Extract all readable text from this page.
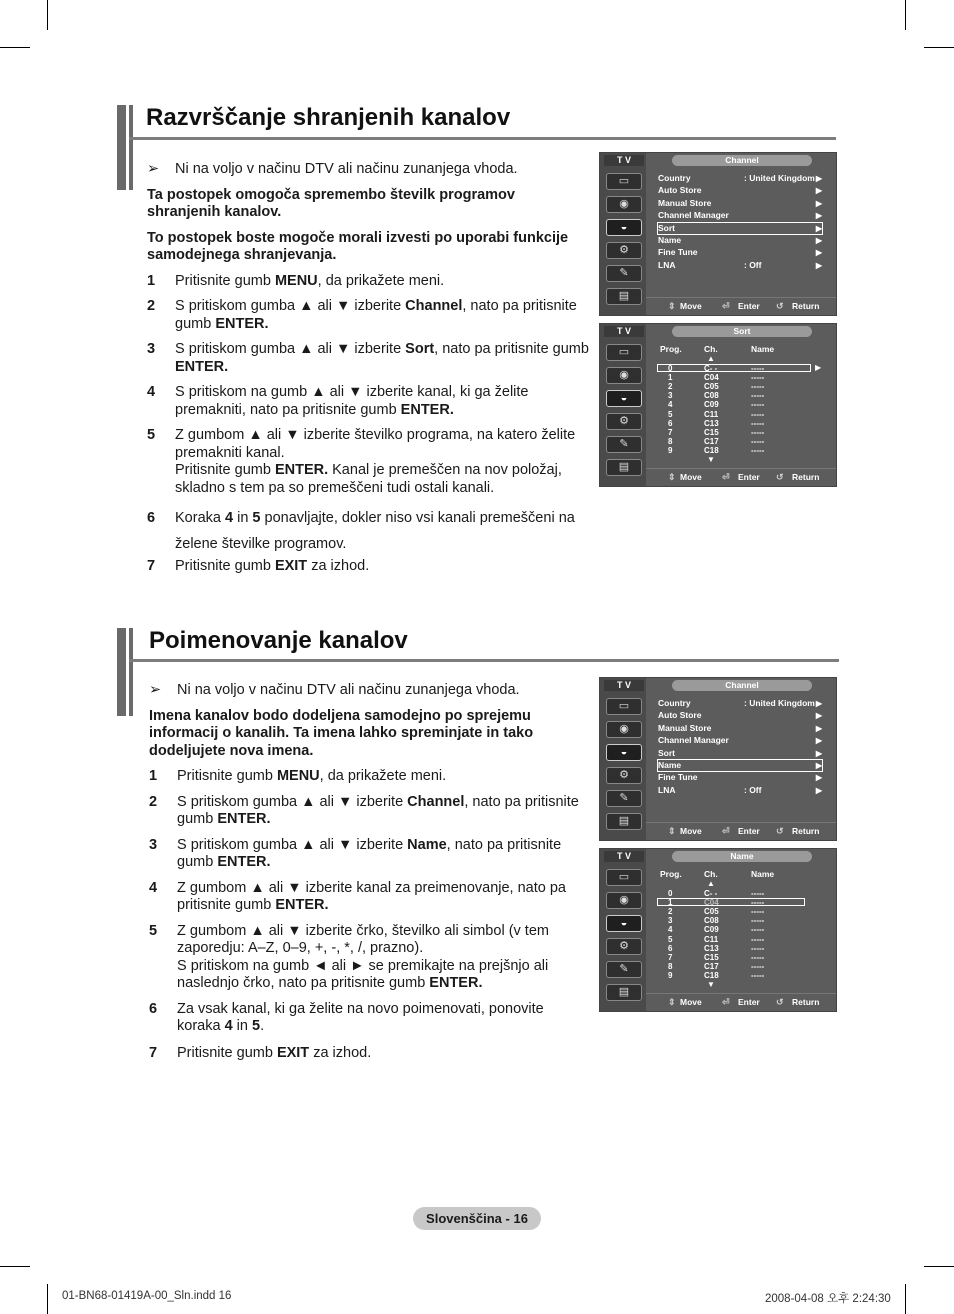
Razvrščanje shranjenih kanalov
➢ Ni na voljo v načinu DTV ali načinu zunanjega vhoda.
Ta postopek omogoča spremembo številk programov shranjenih kanalov.
To postopek boste mogoče morali izvesti po uporabi funkcije samodejnega shranjevanja.
1 Pritisnite gumb MENU, da prikažete meni.
2 S pritiskom gumba ▲ ali ▼ izberite Channel, nato pa pritisnite gumb ENTER.
3 S pritiskom gumba ▲ ali ▼ izberite Sort, nato pa pritisnite gumb ENTER.
4 S pritiskom na gumb ▲ ali ▼ izberite kanal, ki ga želite premakniti, nato pa pritisnite gumb ENTER.
5 Z gumbom ▲ ali ▼ izberite številko programa, na katero želite premakniti kanal.
Pritisnite gumb ENTER. Kanal je premeščen na nov položaj, skladno s tem pa so premeščeni tudi ostali kanali.
6 Koraka 4 in 5 ponavljajte, dokler niso vsi kanali premeščeni na želene številke programov.
7 Pritisnite gumb EXIT za izhod.
Poimenovanje kanalov
➢ Ni na voljo v načinu DTV ali načinu zunanjega vhoda.
Imena kanalov bodo dodeljena samodejno po sprejemu informacij o kanalih. Ta imena lahko spreminjate in tako dodeljujete nova imena.
1 Pritisnite gumb MENU, da prikažete meni.
2 S pritiskom gumba ▲ ali ▼ izberite Channel, nato pa pritisnite gumb ENTER.
3 S pritiskom gumba ▲ ali ▼ izberite Name, nato pa pritisnite gumb ENTER.
4 Z gumbom ▲ ali ▼ izberite kanal za preimenovanje, nato pa pritisnite gumb ENTER.
5 Z gumbom ▲ ali ▼ izberite črko, številko ali simbol (v tem zaporedju: A–Z, 0–9, +, -, *, /, prazno).
S pritiskom na gumb ◄ ali ► se premikajte na prejšnjo ali naslednjo črko, nato pa pritisnite gumb ENTER.
6 Za vsak kanal, ki ga želite na novo poimenovati, ponovite koraka 4 in 5.
7 Pritisnite gumb EXIT za izhod.
T V
▭
◉
◒
⚙
✎
▤
Channel
⇕ Move ⏎ Enter ↺ Return
Country	: United Kingdom ▶
Auto Store	▶
Manual Store	▶
Channel Manager	▶
Sort	▶
Name	▶
Fine Tune	▶
LNA	: Off	▶
T V
▭
◉
◒
⚙
✎
▤
Sort
⇕ Move ⏎ Enter ↺ Return
Prog.	Ch.	Name
▲
0	C- -	-----
1	C04	-----
2	C05	-----
3	C08	-----
4	C09	-----
5	C11	-----
6	C13	-----
7	C15	-----
8	C17	-----
9	C18	-----
▼
▶
T V
▭
◉
◒
⚙
✎
▤
Channel
⇕ Move ⏎ Enter ↺ Return
Country	: United Kingdom ▶
Auto Store	▶
Manual Store	▶
Channel Manager	▶
Sort	▶
Name	▶
Fine Tune	▶
LNA	: Off	▶
T V
▭
◉
◒
⚙
✎
▤
Name
⇕ Move ⏎ Enter ↺ Return
Prog.	Ch.	Name
▲
0	C- -	-----
1	C04	-----
2	C05	-----
3	C08	-----
4	C09	-----
5	C11	-----
6	C13	-----
7	C15	-----
8	C17	-----
9	C18	-----
▼
Slovenščina - 16
01-BN68-01419A-00_Sln.indd 16	2008-04-08 오후 2:24:30
